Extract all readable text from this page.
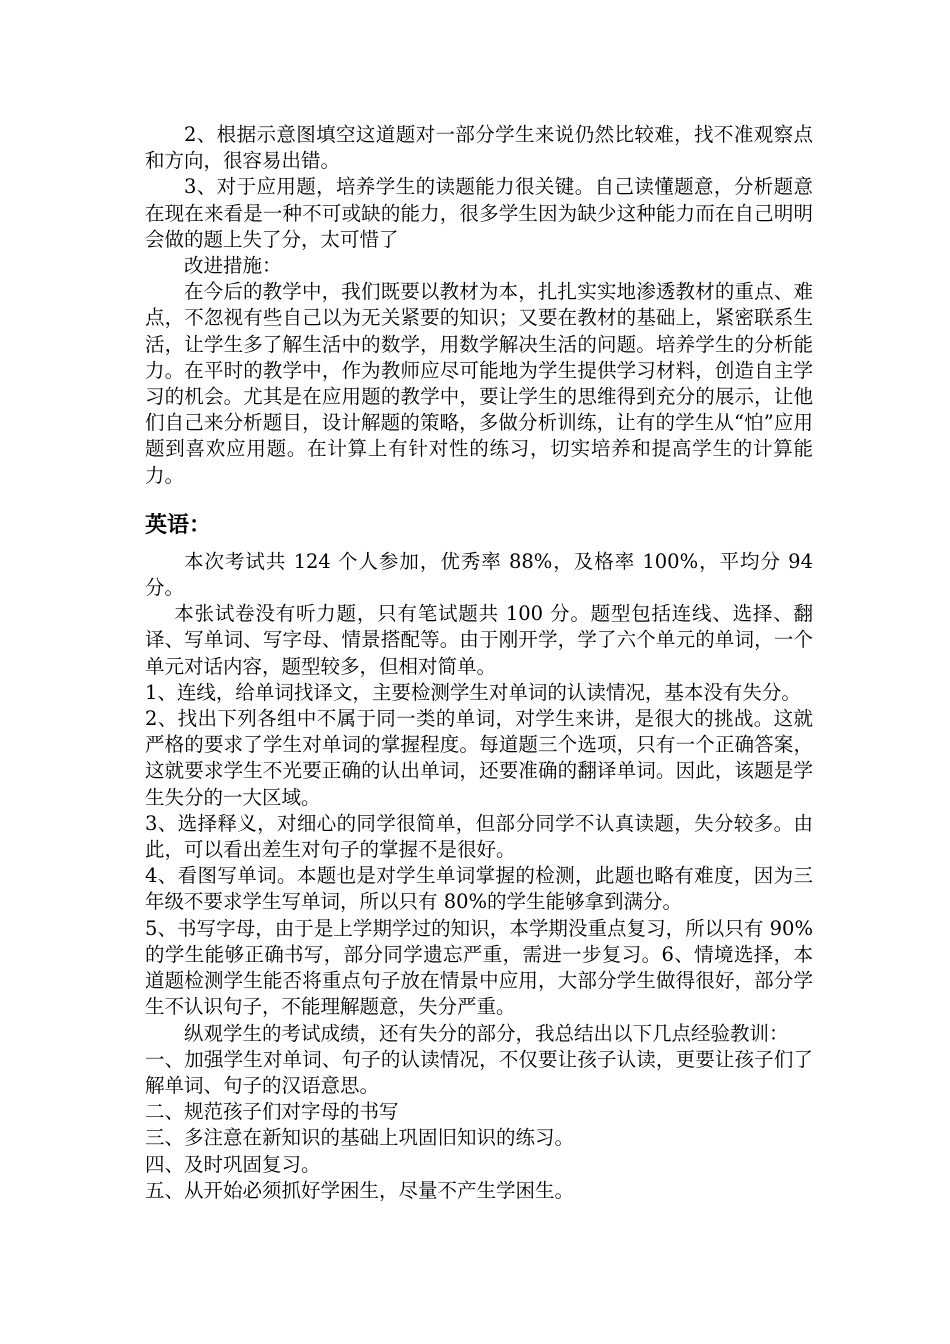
2、根据示意图填空这道题对一部分学生来说仍然比较难，找不准观察点和方向，很容易出错。

3、对于应用题，培养学生的读题能力很关键。自己读懂题意，分析题意在现在来看是一种不可或缺的能力，很多学生因为缺少这种能力而在自己明明会做的题上失了分，太可惜了

改进措施：

在今后的教学中，我们既要以教材为本，扎扎实实地渗透教材的重点、难点，不忽视有些自己以为无关紧要的知识；又要在教材的基础上，紧密联系生活，让学生多了解生活中的数学，用数学解决生活的问题。培养学生的分析能力。在平时的教学中，作为教师应尽可能地为学生提供学习材料，创造自主学习的机会。尤其是在应用题的教学中，要让学生的思维得到充分的展示，让他们自己来分析题目，设计解题的策略，多做分析训练，让有的学生从“怕”应用题到喜欢应用题。在计算上有针对性的练习，切实培养和提高学生的计算能力。

英语：

本次考试共 124 个人参加，优秀率 88%，及格率 100%，平均分 94 分。

本张试卷没有听力题，只有笔试题共 100 分。题型包括连线、选择、翻译、写单词、写字母、情景搭配等。由于刚开学，学了六个单元的单词，一个单元对话内容，题型较多，但相对简单。

1、连线，给单词找译文，主要检测学生对单词的认读情况，基本没有失分。

2、找出下列各组中不属于同一类的单词，对学生来讲，是很大的挑战。这就严格的要求了学生对单词的掌握程度。每道题三个选项，只有一个正确答案，这就要求学生不光要正确的认出单词，还要准确的翻译单词。因此，该题是学生失分的一大区域。

3、选择释义，对细心的同学很简单，但部分同学不认真读题，失分较多。由此，可以看出差生对句子的掌握不是很好。

4、看图写单词。本题也是对学生单词掌握的检测，此题也略有难度，因为三年级不要求学生写单词，所以只有 80%的学生能够拿到满分。

5、书写字母，由于是上学期学过的知识，本学期没重点复习，所以只有 90%的学生能够正确书写，部分同学遗忘严重，需进一步复习。6、情境选择，本道题检测学生能否将重点句子放在情景中应用，大部分学生做得很好，部分学生不认识句子，不能理解题意，失分严重。

纵观学生的考试成绩，还有失分的部分，我总结出以下几点经验教训：

一、加强学生对单词、句子的认读情况，不仅要让孩子认读，更要让孩子们了解单词、句子的汉语意思。

二、规范孩子们对字母的书写

三、多注意在新知识的基础上巩固旧知识的练习。

四、及时巩固复习。

五、从开始必须抓好学困生，尽量不产生学困生。
